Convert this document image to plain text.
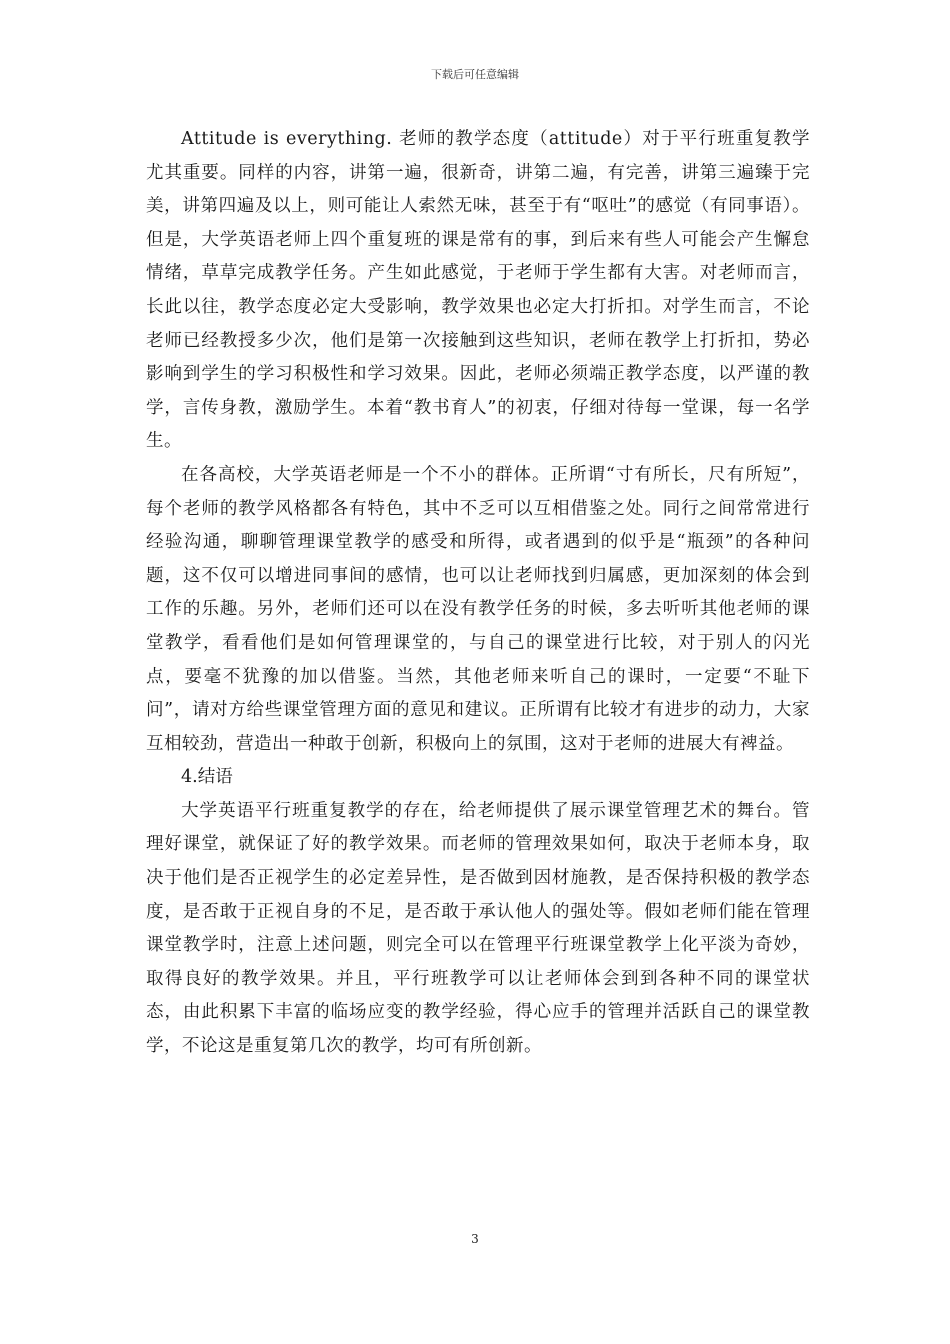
下载后可任意编辑

Attitude is everything. 老师的教学态度（attitude）对于平行班重复教学尤其重要。同样的内容，讲第一遍，很新奇，讲第二遍，有完善，讲第三遍臻于完美，讲第四遍及以上，则可能让人索然无味，甚至于有“呕吐”的感觉（有同事语）。但是，大学英语老师上四个重复班的课是常有的事，到后来有些人可能会产生懈怠情绪，草草完成教学任务。产生如此感觉，于老师于学生都有大害。对老师而言，长此以往，教学态度必定大受影响，教学效果也必定大打折扣。对学生而言，不论老师已经教授多少次，他们是第一次接触到这些知识，老师在教学上打折扣，势必影响到学生的学习积极性和学习效果。因此，老师必须端正教学态度，以严谨的教学，言传身教，激励学生。本着“教书育人”的初衷，仔细对待每一堂课，每一名学生。

在各高校，大学英语老师是一个不小的群体。正所谓“寸有所长，尺有所短”，每个老师的教学风格都各有特色，其中不乏可以互相借鉴之处。同行之间常常进行经验沟通，聊聊管理课堂教学的感受和所得，或者遇到的似乎是“瓶颈”的各种问题，这不仅可以增进同事间的感情，也可以让老师找到归属感，更加深刻的体会到工作的乐趣。另外，老师们还可以在没有教学任务的时候，多去听听其他老师的课堂教学，看看他们是如何管理课堂的，与自己的课堂进行比较，对于别人的闪光点，要毫不犹豫的加以借鉴。当然，其他老师来听自己的课时，一定要“不耻下问”，请对方给些课堂管理方面的意见和建议。正所谓有比较才有进步的动力，大家互相较劲，营造出一种敢于创新，积极向上的氛围，这对于老师的进展大有裨益。

4.结语

大学英语平行班重复教学的存在，给老师提供了展示课堂管理艺术的舞台。管理好课堂，就保证了好的教学效果。而老师的管理效果如何，取决于老师本身，取决于他们是否正视学生的必定差异性，是否做到因材施教，是否保持积极的教学态度，是否敢于正视自身的不足，是否敢于承认他人的强处等。假如老师们能在管理课堂教学时，注意上述问题，则完全可以在管理平行班课堂教学上化平淡为奇妙，取得良好的教学效果。并且，平行班教学可以让老师体会到到各种不同的课堂状态，由此积累下丰富的临场应变的教学经验，得心应手的管理并活跃自己的课堂教学，不论这是重复第几次的教学，均可有所创新。

3
